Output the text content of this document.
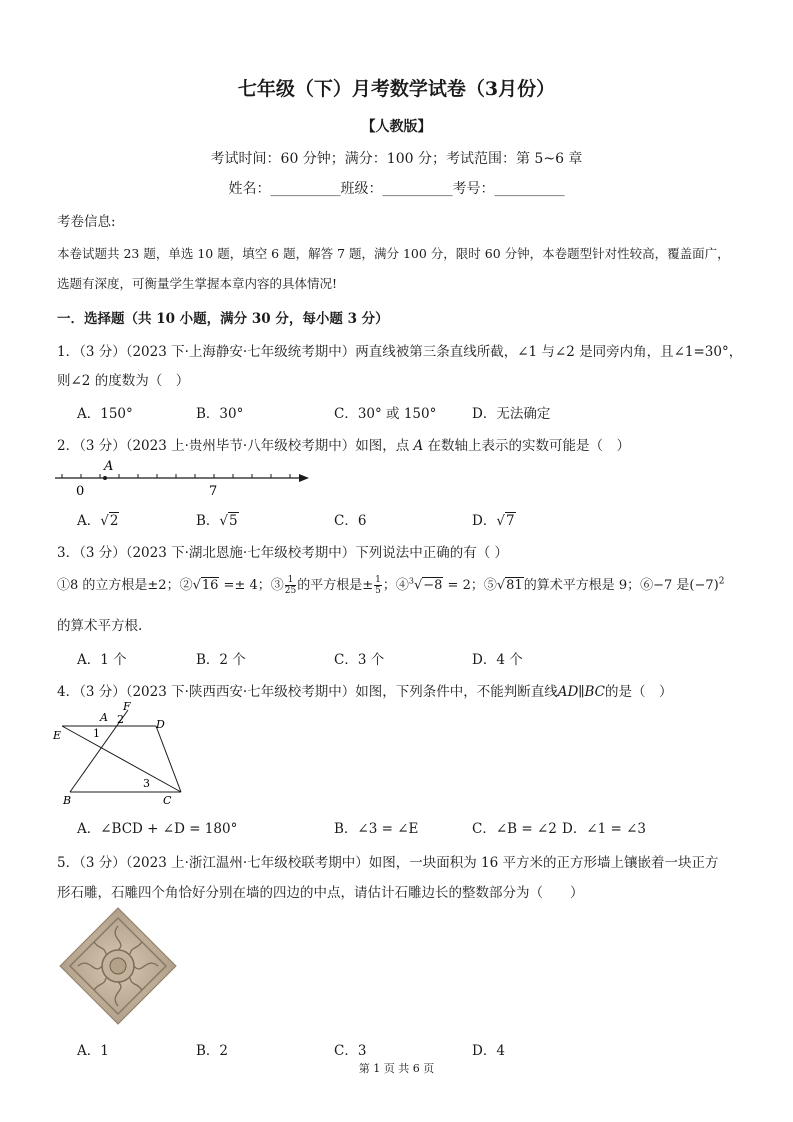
七年级（下）月考数学试卷（3月份）
【人教版】
考试时间：60 分钟；满分：100 分；考试范围：第 5~6 章
姓名：__________班级：__________考号：__________
考卷信息:
本卷试题共 23 题，单选 10 题，填空 6 题，解答 7 题，满分 100 分，限时 60 分钟，本卷题型针对性较高，覆盖面广，
选题有深度，可衡量学生掌握本章内容的具体情况!
一．选择题（共 10 小题，满分 30 分，每小题 3 分）
1．（3 分）（2023 下·上海静安·七年级统考期中）两直线被第三条直线所截，∠1 与∠2 是同旁内角，且∠1=30°，
则∠2 的度数为（　）
A．150°	B．30°	C．30° 或 150°	D．无法确定
2．（3 分）（2023 上·贵州毕节·八年级校考期中）如图，点 A 在数轴上表示的实数可能是（　）
A
0	7
A．√2	B．√5	C．6	D．√7
3．（3 分）（2023 下·湖北恩施·七年级校考期中）下列说法中正确的有（ ）
①8 的立方根是±2；②√16 =± 4；③ $\frac{1}{25}$ 的平方根是± $\frac{1}{5}$ ；④$^3$√−8 = 2；⑤√81的算术平方根是 9；⑥−7 是$(-7)^2$
的算术平方根.
A．1 个	B．2 个	C．3 个	D．4 个
4．（3 分）（2023 下·陕西西安·七年级校考期中）如图，下列条件中，不能判断直线AD∥BC的是（　）
F
A 2	D
E	1
3
B	C
A．∠BCD + ∠D = 180°	B．∠3 = ∠E	C．∠B = ∠2 D．∠1 = ∠3
5．（3 分）（2023 上·浙江温州·七年级校联考期中）如图，一块面积为 16 平方米的正方形墙上镶嵌着一块正方
形石雕，石雕四个角恰好分别在墙的四边的中点，请估计石雕边长的整数部分为（　　）
A．1	B．2	C．3	D．4
第 1 页 共 6 页
